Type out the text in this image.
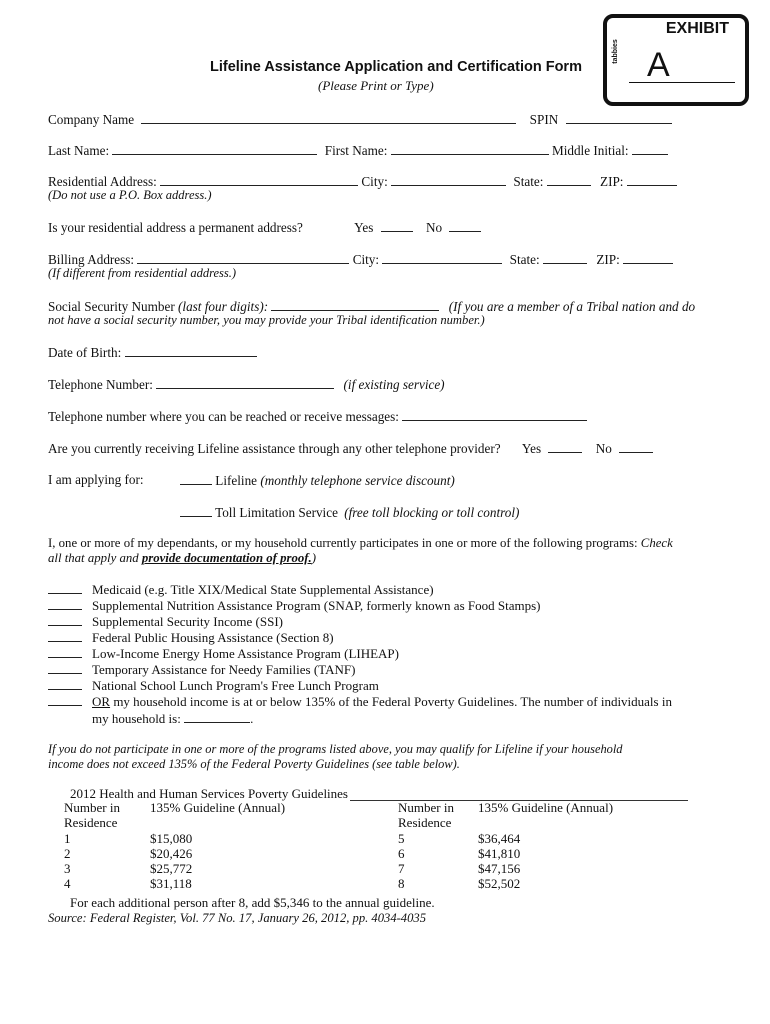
EXHIBIT
tabbies A
Lifeline Assistance Application and Certification Form
(Please Print or Type)
Company Name	SPIN
Last Name:	First Name:	Middle Initial:
Residential Address:	City:	State:	ZIP:
(Do not use a P.O. Box address.)
Is your residential address a permanent address?	Yes	No
Billing Address:	City:	State:	ZIP:
(If different from residential address.)
Social Security Number (last four digits):	(If you are a member of a Tribal nation and do
not have a social security number, you may provide your Tribal identification number.)
Date of Birth:
Telephone Number:	(if existing service)
Telephone number where you can be reached or receive messages:
Are you currently receiving Lifeline assistance through any other telephone provider? Yes	No
I am applying for:	Lifeline (monthly telephone service discount)
Toll Limitation Service (free toll blocking or toll control)
I, one or more of my dependants, or my household currently participates in one or more of the following programs: Check
all that apply and provide documentation of proof.)
Medicaid (e.g. Title XIX/Medical State Supplemental Assistance)
Supplemental Nutrition Assistance Program (SNAP, formerly known as Food Stamps)
Supplemental Security Income (SSI)
Federal Public Housing Assistance (Section 8)
Low-Income Energy Home Assistance Program (LIHEAP)
Temporary Assistance for Needy Families (TANF)
National School Lunch Program's Free Lunch Program
OR my household income is at or below 135% of the Federal Poverty Guidelines. The number of individuals in
my household is:	.
If you do not participate in one or more of the programs listed above, you may qualify for Lifeline if your household
income does not exceed 135% of the Federal Poverty Guidelines (see table below).
2012 Health and Human Services Poverty Guidelines
Number in
Residence	135% Guideline (Annual)	Number in
Residence	135% Guideline (Annual)
1	$15,080	5	$36,464
2	$20,426	6	$41,810
3	$25,772	7	$47,156
4	$31,118	8	$52,502
For each additional person after 8, add $5,346 to the annual guideline.
Source: Federal Register, Vol. 77 No. 17, January 26, 2012, pp. 4034-4035
